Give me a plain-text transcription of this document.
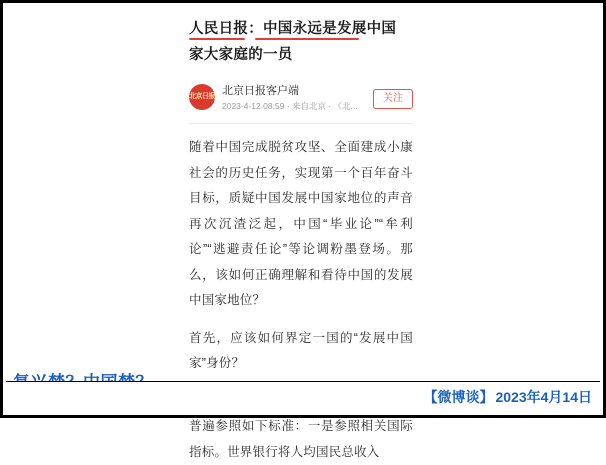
人民日报：中国永远是发展中国
家大家庭的一员
北京日报 北京日报客户端
2023-4-12 08:59 · 来自北京 · 《北...
关注

随着中国完成脱贫攻坚、全面建成小康社会的历史任务，实现第一个百年奋斗目标，质疑中国发展中国家地位的声音再次沉渣泛起，中国“毕业论”“牟利论”“逃避责任论”等论调粉墨登场。那么，该如何正确理解和看待中国的发展中国家地位？

首先，应该如何界定一国的“发展中国家”身份？

普遍参照如下标准：一是参照相关国际指标。世界银行将人均国民总收入

【微博谈】 2023年4月14日
